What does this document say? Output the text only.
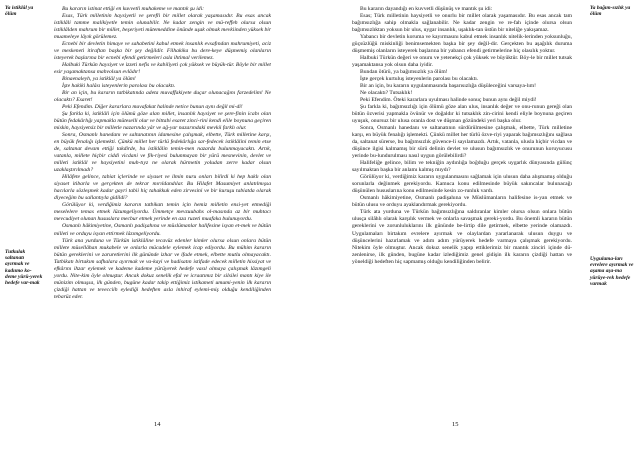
Ya istiklâl ya ölüm
Tutkulak saltanatı ayırmak ve kadıımo ko-deme yürü-yerek hedefe var-mak

Bu kararın istinat ettiği en kuvvetli muhakeme ve mantık şu idi:

Esas, Türk milletinin haysiyetli ve şerefli bir millet olarak yaşamasıdır. Bu esas ancak istiklâli tamme malikiyetle temin olunabilir. Ne kadar zengin ve mü-reffeh olursa olsun istiklâlden mahrum bir millet, beşeriyeti mütemeddine önünde uşak olmak mevkiinden yüksek bir muameleye lâyık görülemez.

Ecnebi bir devletin himaye ve sahabetini kabul etmek insanlık evsafından mahrumiyeti, aciz ve meskeneti itiraftan başka bir şey değildir. Filhakika bu dere-keye düşmemiş olanların isteyerek başlarına bir ecnebi efendi getirmeleri asla ihtimal verilemez.

Halbuki Türkün haysiyet ve izzeti nefis ve kabiliyeti çok yüksek ve büyük-tür. Böyle bir millet esir yaşamaktansa mahvolsun evlâdır!

Binaenaleyh, ya istiklâl ya ölüm!

İşte hakiki halâsı isteyenlerin parolası bu olacaktı.

Bir an için, bu kararın tatbikatında adeta muvaffakiyete duçar olunacağını farzedelim! Ne olacaktı? Esaret!

Peki Efendim. Diğer kararlara muvafakat halinde netice bunun aynı değil mi-di!

Şu farkla ki, istiklâli için ölümü göze alan millet, insanlık haysiyet ve şere-finin icabı olan bütün fedakârlığı yapmakla müteselli olur ve bittabi esaret zinci-rini kendi elile boynuna geçiren miskin, haysiyetsiz bir milletle nazarında yâr ve ağ-yar nazarındaki mevkii farklı olur.

Sonra, Osmanlı hanedanı ve saltanatının idamesine çalışmak, elbette, Türk milletine karşı, en büyük fenalığı işlemekti. Çünkü millet her türlü fedekârlığa sar-fedecek istiklâlini temin etse de, saltanat devam ettiği takdirde, bu istiklâlin temin-men nazarda bulunmayacaktı. Artık, vatanla, millete hiçbir ciddi vicdani ve fik-riyesi bulunmayan bir yürü mesnevinin, devlet ve milleti istiklâl ve haysiyetini muh-tıyz ne olarak hürmetin yoludan zerre kadar olsun uzaklaştırılmadı?

Hilâfete gelince, tabiat içlerinde ve siyaset ve ilmin nuru onları bilirdi ki hep haklı olan siyaset itibarla ve gerçekten de tekrar mırıldandılar. Bu Hilafet Masumiyet anlatılmışsa hacılarla sözleşmek kadar gayri tabii hiç tahakkuk eden zirvesini ve bir kuruşu tabiatda olarak diyeceğim bu sallantıyla gidildi?

Görülüyor ki, verdiğimiz kararın tatbikatı temin için hemiz milletin ensi-yet etmediği meselelere temas etmek lüzumgeliyordu. Ümmetçe mevzuubahs ol-masında az bir muhtacı mevcudiyet olunan hususlara mecbur etmek yerinde en aza ruzeti muafaka bulunuyordu.

Osmanlı hâkimiyetine, Osmanlı padişahına ve müslümanlar halifesine isyan et-mek ve bütün milleti ve orduyu isyan ettirmek lâzımgeliyordu.

Türk ana yurduna ve Türkün istiklâline tecavüz edenler kimler olursa olsun onlara bütün millete müsellâhan mukabele ve onlarla mücadele eylemek icap ediyordu. Bu mühim kararın bütün gereklerini ve zaruretlerini ilk gününde izhar ve ifade etmek, elbette mutlu olmayacaktı. Tatbikatı birtakım safhalara ayırmak ve va-kayi ve hadisatın istifade edecek milletin hissiyat ve efkârını ihzar eylemek ve kademe kademe yürüyerek hedefe vasıl olmaya çalışmak lâzımgeli yordu. Nite-kim öyle olmuştur. Ancak dokuz senelik efal ve icraatımız bir silsilei mantı kiye ile münizim olmuşsa, ilk günden, bugüne kadar takip ettiğimiz istikameti umumi-yenin ilk kararın çizdiği hattan ve tevecciih eylediği hedeften asla inhiraf eylemi-miş olduğu kendiliğinden tebarüz eder.

14
Ya bağım-sızlık ya ölüm
Uygulama-ları evrelere ayırmak ve aşama aşa-ma yürüye-rek hedefe varmak

Bu kararın dayandığı en kuvvetli düşünüş ve mantık şu idi:

Esas; Türk milletinin haysiyetli ve onurlu bir millet olarak yaşamasıdır. Bu esas ancak tam bağımsızlığa sahip olmakla sağlanabilir. Ne kadar zengin ve re-fah içinde olursa olsun bağımsızlıktan yoksun bir ulus, uygar insanlık, uşaklık-tan üstün bir niteliğe yakışamaz.

Yabancı bir devletin koruma ve kayırmasını kabul etmek insanlık nitelik-lerinden yoksunluğu, güçsüzlüğü miskinliği benimsemekten başka bir şey değil-dir. Gerçekten bu aşağılık duruma düşmemiş olanların isteyerek başlarına bir yabancı efendi getirmelerine hiç olasılık yoktur.

Halbuki Türkün değeri ve onuru ve yetenekçi çok yüksek ve büyüktür. Böy-le bir millet tutsak yaşamaktansa yok olsun daha iyidir.

Bundan ötürü, ya bağımsızlık ya ölüm!

İşte gerçek kurtuluş isteyenlerin parolası bu olacaktı.

Bir an için, bu kararın uygulanmasında başarısızlığa düşüleceğini varsaya-lım!

Ne olacaktı? Tutsaklık!

Peki Efendim. Öteki kararlara uyulması halinde sonuç bunun aynı değil miydi!

Şu farkla ki, bağımsızlığı için ölümü göze alan ulus, insanlık değer ve onu-runun gereği olan bütün özverisi yapmakla övünür ve doğaldır ki tutsaklık zin-cirini kendi eliyle boynuna geçiren uyuşuk, onursuz bir ulusa oranla dost ve düşman gözündeki yeri başka olur.

Sonra, Osmanlı hanedanı ve saltanatının sürdürülmesine çalışmak, elbette, Türk milletine karşı, en büyük fenalığı işlemekti. Çünkü millet her türlü özve-riyi yaparak bağımsızlığını sağlasa da, saltanat sürerse, bu bağımsızlık güvence-li sayılamazdı. Artık, vatanla, ulusla hiçbir vicdan ve düşünce ilgisi kalmamış bir sürü delinin devlet ve ulusun bağımsızlık ve onurunun koruyucusu yerinde bu-lundurulması nasıl uygun görülebilirdi?

Halifeliğe gelince, bilim ve tekniğin aydınlığa boğduğu gerçek uygarlık dünyasında gülünç sayılmaktan başka bir anlamı kalmış mıydı?

Görülüyor ki, verdiğimiz kararın uygulanmasını sağlamak için ulusun daha alışmamış olduğu sorunlarla değinmek gerekiyordu. Kamuca konu edilmesinde büyük sakıncalar bulunacağı düşünülen hususlarına konu edilmesinde kesin zo-runluk vardı.

Osmanlı hâkimiyetine, Osmanlı padişahına ve Müslümanların halifesine is-yan etmek ve bütün ulusu ve orduyu ayaklandırmak gerekiyordu.

Türk ata yurduna ve Türkün bağımsızlığına saldıranlar kimler olursa olsun onlara bütün ulusça silâhlı olarak karşılık vermek ve onlarla savaşmak gereki-yordu. Bu önemli kararın bütün gereklerini ve zorunluluklarını ilk gününde be-lirtip dile getirmek, elbette yerinde olamazdı. Uygulamaları birtakım evrelere ayırmak ve olaylardan yararlanarak ulusun duygu ve düşüncelerini hazırlamak ve adım adım yürüyerek hedefe varmaya çalışmak gerekiyordu. Nitekim öyle olmuştur. Ancak dokuz senelik yapıp ettiklerimiz bir mantık zinciri içinde dü-zenlenirse, ilk günden, bugüne kadar izlediğimiz genel gidişin ilk kararın çizdiği hattan ve yöneldiği hedeften hiç sapmamış olduğu kendiliğinden belirir.

15
